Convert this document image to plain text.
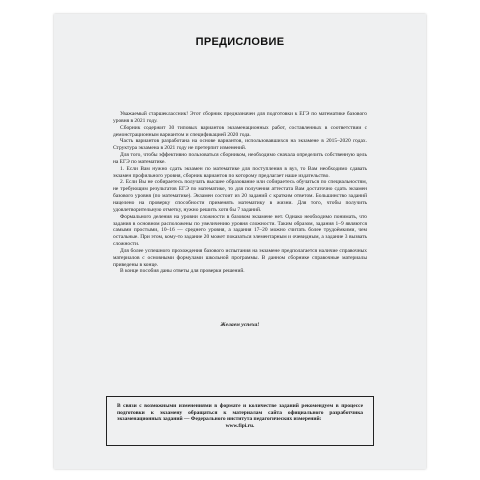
ПРЕДИСЛОВИЕ

Уважаемый старшеклассник! Этот сборник предназначен для подготовки к ЕГЭ по математике базового уровня в 2021 году.

Сборник содержит 30 типовых вариантов экзаменационных работ, составленных в соответствии с демонстрационным вариантом и спецификацией 2020 года.

Часть вариантов разработана на основе вариантов, использовавшихся на экзамене в 2015–2020 годах. Структура экзамена в 2021 году не претерпит изменений.

Для того, чтобы эффективно пользоваться сборником, необходимо сначала определить собственную цель на ЕГЭ по математике.

1. Если Вам нужно сдать экзамен по математике для поступления в вуз, то Вам необходимо сдавать экзамен профильного уровня, сборник вариантов по которому предлагает наше издательство.

2. Если Вы не собираетесь получать высшее образование или собираетесь обучаться по специальностям, не требующим результатов ЕГЭ по математике, то для получения аттестата Вам достаточно сдать экзамен базового уровня (по математике). Экзамен состоит из 20 заданий с кратким ответом. Большинство заданий нацелено на проверку способности применять математику в жизни. Для того, чтобы получить удовлетворительную отметку, нужно решить хотя бы 7 заданий.

Формального деления на уровни сложности в базовом экзамене нет. Однако необходимо понимать, что задания в основном расположены по увеличению уровня сложности. Таким образом, задания 1–9 являются самыми простыми, 10–16 — среднего уровня, а задания 17–20 можно считать более трудоёмкими, чем остальные. При этом, кому-то задание 20 может показаться элементарным и очевидным, а задание 3 вызвать сложности.

Для более успешного прохождения базового испытания на экзамене предполагается наличие справочных материалов с основными формулами школьной программы. В данном сборнике справочные материалы приведены в конце.

В конце пособия даны ответы для проверки решений.

Желаем успеха!
В связи с возможными изменениями в формате и количестве заданий рекомендуем в процессе подготовки к экзамену обращаться к материалам сайта официального разработчика экзаменационных заданий — Федерального института педагогических измерений:
www.fipi.ru.
